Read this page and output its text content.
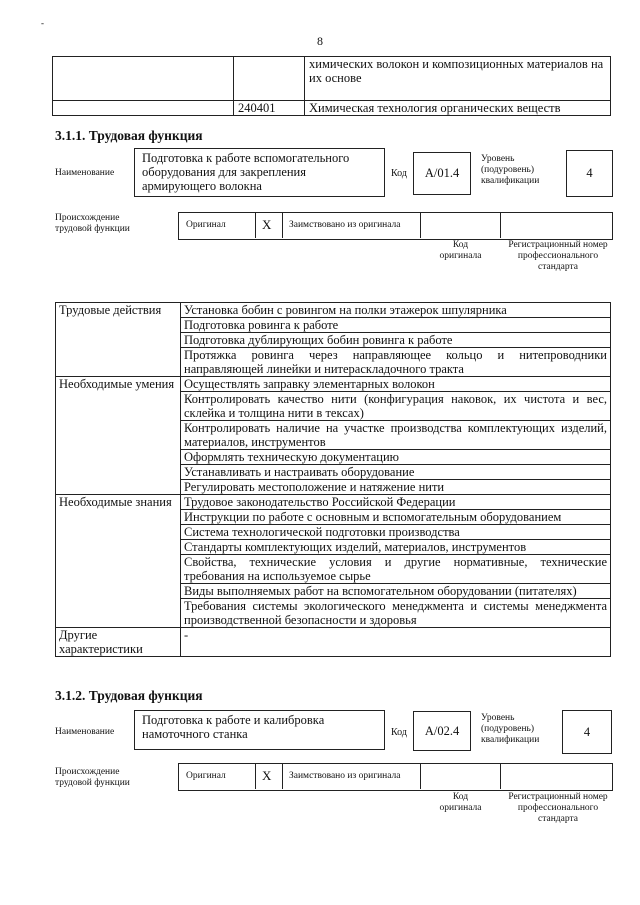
-
8
		химических волокон и композиционных материалов на их основе
	240401	Химическая технология органических веществ
3.1.1. Трудовая функция
Наименование
Подготовка к работе вспомогательного оборудования для закрепления армирующего волокна
Код	А/01.4
Уровень (подуровень) квалификации
4
Происхождение трудовой функции	Оригинал	X Заимствовано из оригинала
Код оригинала
Регистрационный номер профессионального стандарта
Трудовые действия	Установка бобин с ровингом на полки этажерок шпулярника
	Подготовка ровинга к работе
	Подготовка дублирующих бобин ровинга к работе
	Протяжка ровинга через направляющее кольцо и нитепроводники направляющей линейки и нитераскладочного тракта
Необходимые умения	Осуществлять заправку элементарных волокон
	Контролировать качество нити (конфигурация наковок, их чистота и вес, склейка и толщина нити в тексах)
	Контролировать наличие на участке производства комплектующих изделий, материалов, инструментов
	Оформлять техническую документацию
	Устанавливать и настраивать оборудование
	Регулировать местоположение и натяжение нити
Необходимые знания	Трудовое законодательство Российской Федерации
	Инструкции по работе с основным и вспомогательным оборудованием
	Система технологической подготовки производства
	Стандарты комплектующих изделий, материалов, инструментов
	Свойства, технические условия и другие нормативные, технические требования на используемое сырье
	Виды выполняемых работ на вспомогательном оборудовании (питателях)
	Требования системы экологического менеджмента и системы менеджмента производственной безопасности и здоровья
Другие характеристики	-
3.1.2. Трудовая функция
Наименование
Подготовка к работе и калибровка намоточного станка	Код	А/02.4
Уровень (подуровень) квалификации
4
Происхождение трудовой функции
Оригинал	X Заимствовано из оригинала
Код оригинала
Регистрационный номер профессионального стандарта
